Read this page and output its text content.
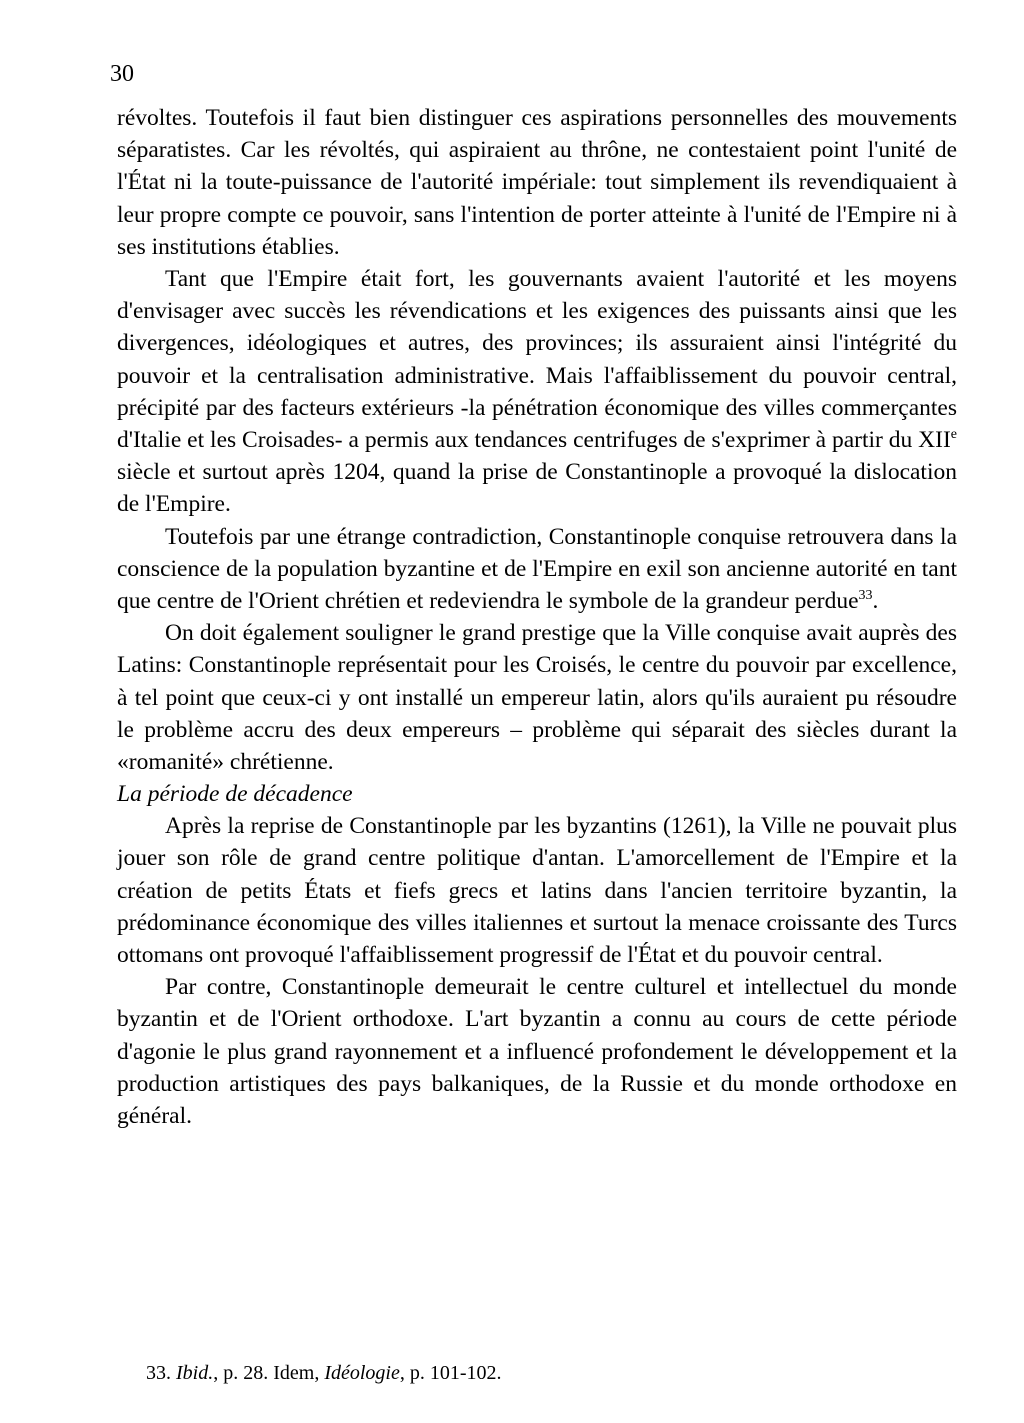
30

révoltes. Toutefois il faut bien distinguer ces aspirations personnelles des mouvements séparatistes. Car les révoltés, qui aspiraient au thrône, ne contestaient point l'unité de l'État ni la toute-puissance de l'autorité impériale: tout simplement ils revendiquaient à leur propre compte ce pouvoir, sans l'intention de porter atteinte à l'unité de l'Empire ni à ses institutions établies.

Tant que l'Empire était fort, les gouvernants avaient l'autorité et les moyens d'envisager avec succès les révendications et les exigences des puissants ainsi que les divergences, idéologiques et autres, des provinces; ils assuraient ainsi l'intégrité du pouvoir et la centralisation administrative. Mais l'affaiblissement du pouvoir central, précipité par des facteurs extérieurs -la pénétration économique des villes commerçantes d'Italie et les Croisades- a permis aux tendances centrifuges de s'exprimer à partir du XIIe siècle et surtout après 1204, quand la prise de Constantinople a provoqué la dislocation de l'Empire.

Toutefois par une étrange contradiction, Constantinople conquise retrouvera dans la conscience de la population byzantine et de l'Empire en exil son ancienne autorité en tant que centre de l'Orient chrétien et redeviendra le symbole de la grandeur perdue$^{33}$.

On doit également souligner le grand prestige que la Ville conquise avait auprès des Latins: Constantinople représentait pour les Croisés, le centre du pouvoir par excellence, à tel point que ceux-ci y ont installé un empereur latin, alors qu'ils auraient pu résoudre le problème accru des deux empereurs – problème qui séparait des siècles durant la «romanité» chrétienne.

La période de décadence

Après la reprise de Constantinople par les byzantins (1261), la Ville ne pouvait plus jouer son rôle de grand centre politique d'antan. L'amorcellement de l'Empire et la création de petits États et fiefs grecs et latins dans l'ancien territoire byzantin, la prédominance économique des villes italiennes et surtout la menace croissante des Turcs ottomans ont provoqué l'affaiblissement progressif de l'État et du pouvoir central.

Par contre, Constantinople demeurait le centre culturel et intellectuel du monde byzantin et de l'Orient orthodoxe. L'art byzantin a connu au cours de cette période d'agonie le plus grand rayonnement et a influencé profondement le développement et la production artistiques des pays balkaniques, de la Russie et du monde orthodoxe en général.

33. Ibid., p. 28. Idem, Idéologie, p. 101-102.
